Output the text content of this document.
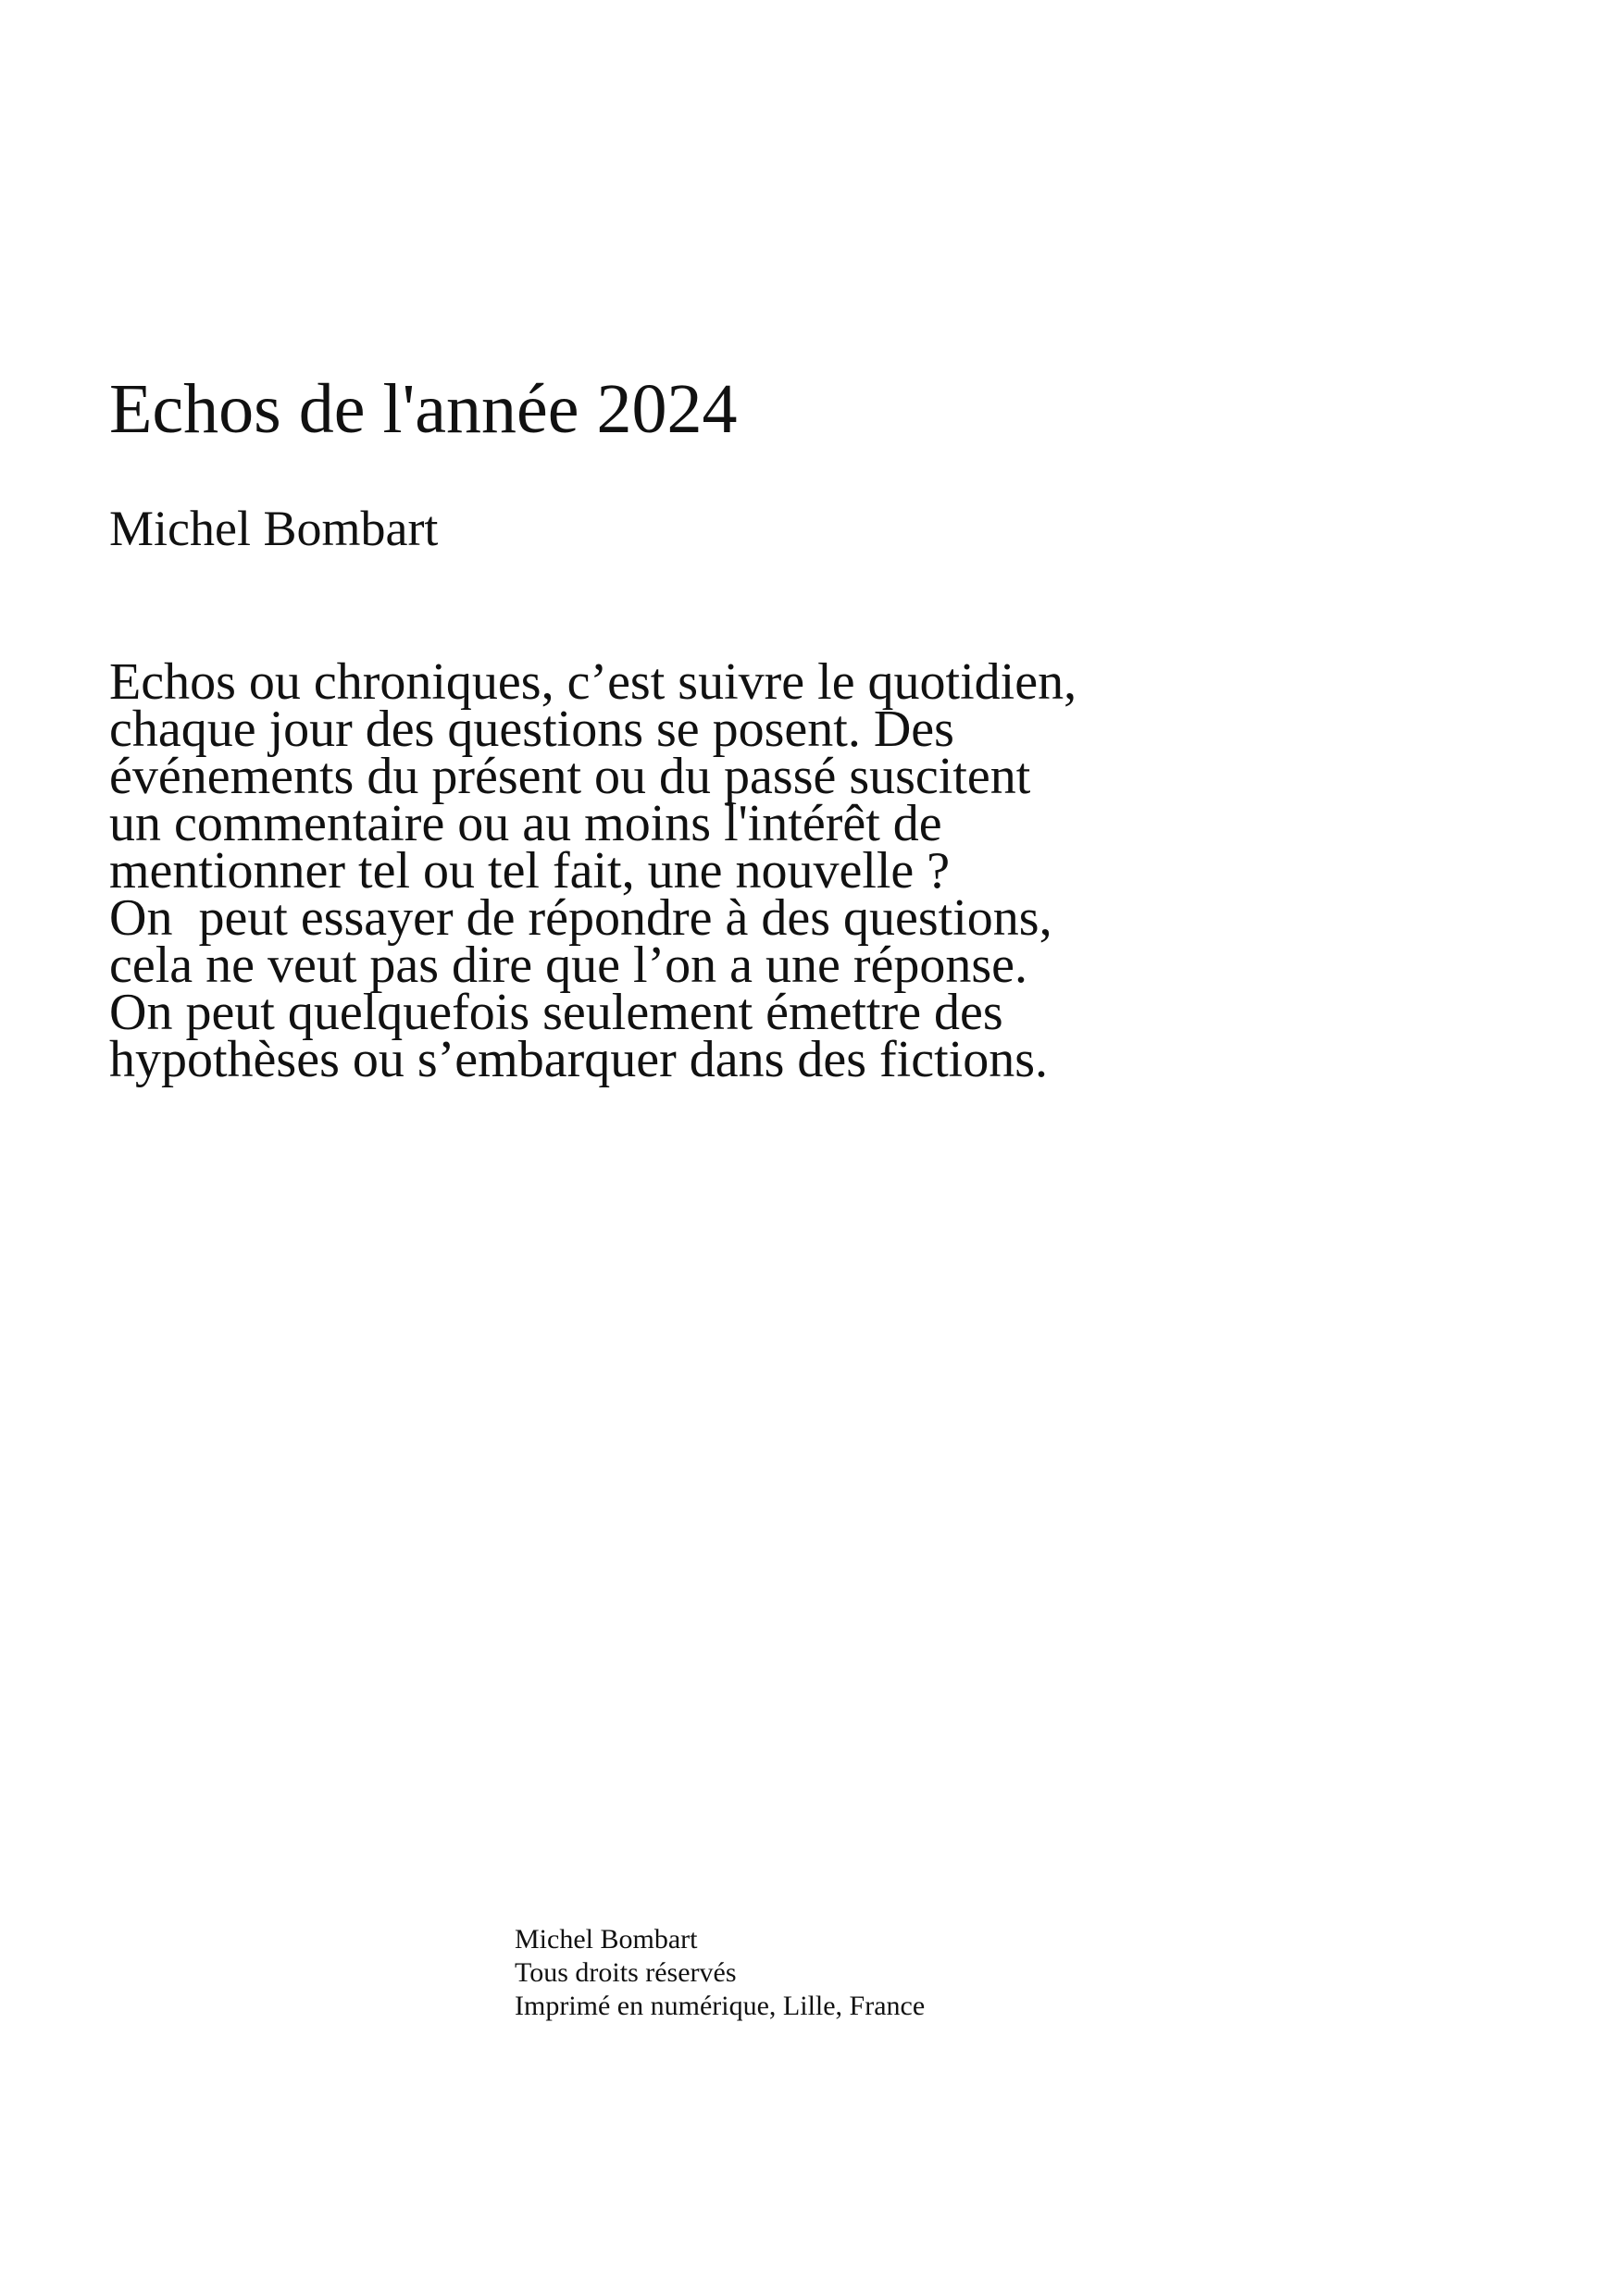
Echos de l'année 2024

Michel Bombart

Echos ou chroniques, c’est suivre le quotidien,
chaque jour des questions se posent. Des
événements du présent ou du passé suscitent
un commentaire ou au moins l'intérêt de
mentionner tel ou tel fait, une nouvelle ?
On  peut essayer de répondre à des questions,
cela ne veut pas dire que l’on a une réponse.
On peut quelquefois seulement émettre des
hypothèses ou s’embarquer dans des fictions.
Michel Bombart
Tous droits réservés
Imprimé en numérique, Lille, France
